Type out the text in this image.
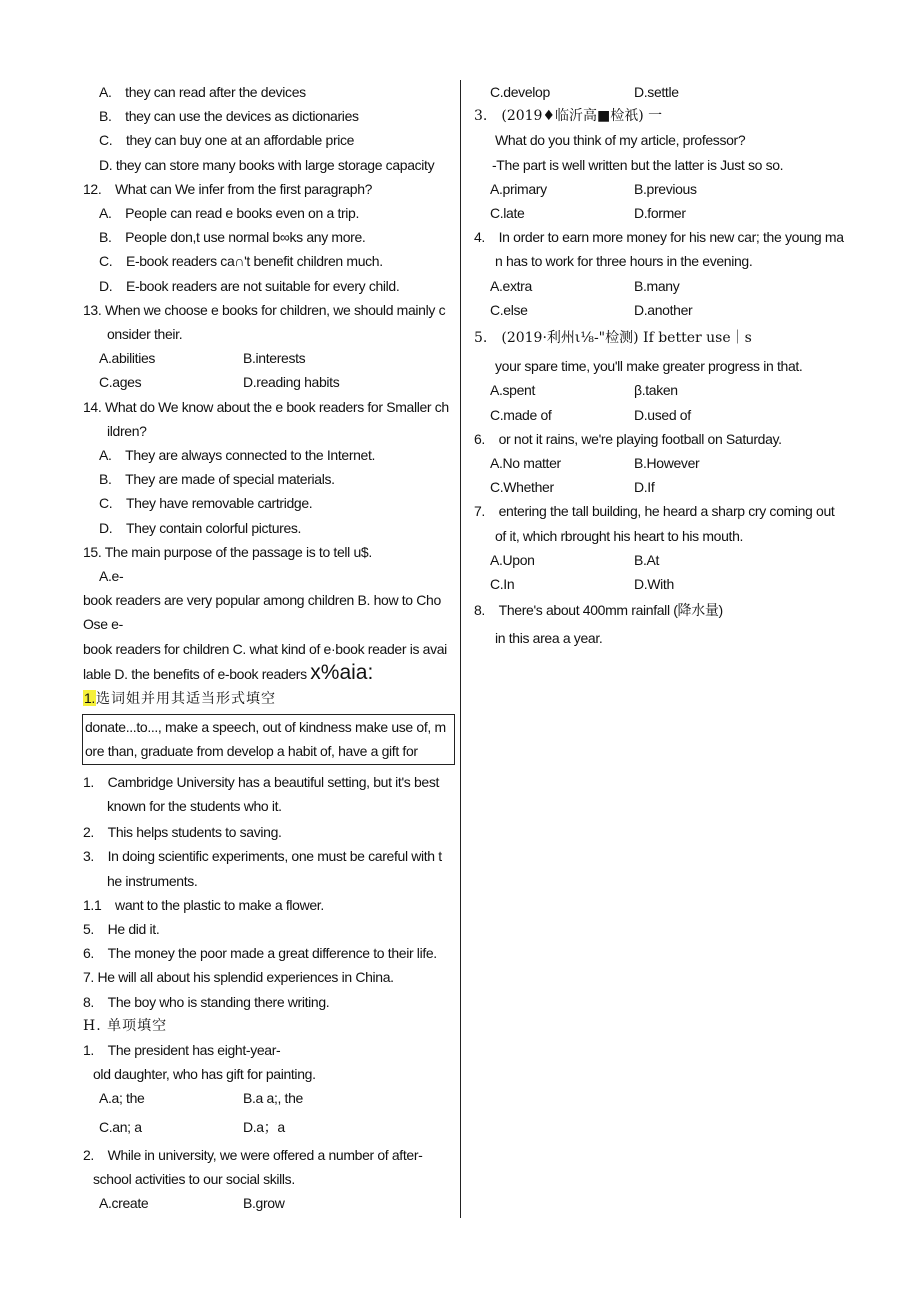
A.　they can read after the devices
B.　they can use the devices as dictionaries
C.　they can buy one at an affordable price
D. they can store many books with large storage capacity
12.　What can We infer from the first paragraph?
A.　People can read e books even on a trip.
B.　People don,t use normal b∞ks any more.
C.　E-book readers ca∩'t benefit children much.
D.　E-book readers are not suitable for every child.
13. When we choose e books for children, we should mainly c
onsider their.
A.abilities	B.interests
C.ages	D.reading habits
14. What do We know about the e book readers for Smaller ch
ildren?
A.　They are always connected to the Internet.
B.　They are made of special materials.
C.　They have removable cartridge.
D.　They contain colorful pictures.
15. The main purpose of the passage is to tell u$.
A.e-
book readers are very popular among children B. how to Cho
Ose e-
book readers for children C. what kind of e·book reader is avai
lable D. the benefits of e-book readers x%aia:
1.选词姐并用其适当形式填空
donate...to..., make a speech, out of kindness make use of, m
ore than, graduate from develop a habit of, have a gift for
1.　Cambridge University has a beautiful setting, but it's best
known for the students who it.
2.　This helps students to saving.
3.　In doing scientific experiments, one must be careful with t
he instruments.
1.1　want to the plastic to make a flower.
5.　He did it.
6.　The money the poor made a great difference to their life.
7. He will all about his splendid experiences in China.
8.　The boy who is standing there writing.
H. 单项填空
1.　The president has eight-year-
old daughter, who has gift for painting.
A.a; the	B.a a;, the
C.an; a	D.a；a
2.　While in university, we were offered a number of after-
school activities to our social skills.
A.create	B.grow
C.develop	D.settle
3.　(2019♦临沂高■检祇) 一
What do you think of my article, professor?
-The part is well written but the latter is Just so so.
A.primary	B.previous
C.late	D.former
4.　In order to earn more money for his new car; the young ma
n has to work for three hours in the evening.
A.extra	B.many
C.else	D.another
5.　(2019·利州ι⅛-"检测) If better use｜s
your spare time, you'll make greater progress in that.
A.spent	β.taken
C.made of	D.used of
6.　or not it rains, we're playing football on Saturday.
A.No matter	B.However
C.Whether	D.If
7.　entering the tall building, he heard a sharp cry coming out
of it, which rbrought his heart to his mouth.
A.Upon	B.At
C.In	D.With
8.　There's about 400mm rainfall (降水量)
in this area a year.
